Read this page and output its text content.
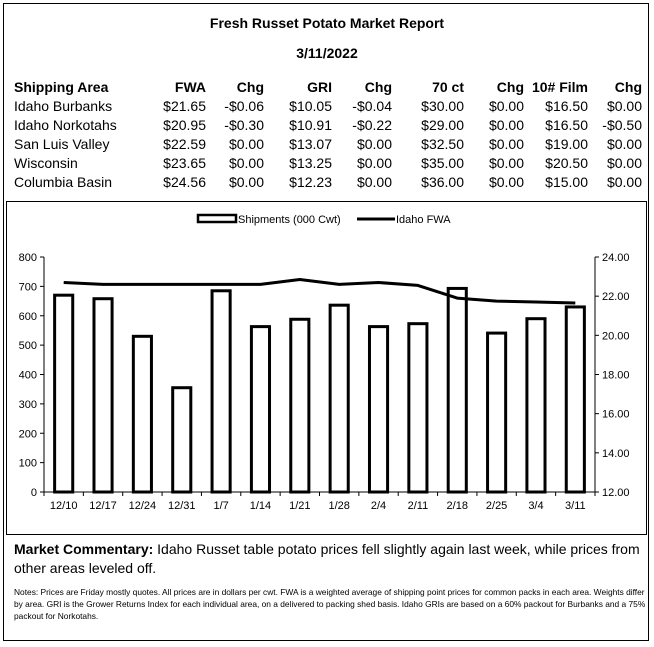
Fresh Russet Potato Market Report
3/11/2022
Shipping Area	FWA	Chg	GRI	Chg	70 ct	Chg	10# Film	Chg
Idaho Burbanks	$21.65	-$0.06	$10.05	-$0.04	$30.00	$0.00	$16.50	$0.00
Idaho Norkotahs	$20.95	-$0.30	$10.91	-$0.22	$29.00	$0.00	$16.50	-$0.50
San Luis Valley	$22.59	$0.00	$13.07	$0.00	$32.50	$0.00	$19.00	$0.00
Wisconsin	$23.65	$0.00	$13.25	$0.00	$35.00	$0.00	$20.50	$0.00
Columbia Basin	$24.56	$0.00	$12.23	$0.00	$36.00	$0.00	$15.00	$0.00
Shipments (000 Cwt)	Idaho FWA
0
100
200
300
400
500
600
700
800
12.00
14.00
16.00
18.00
20.00
22.00
24.00
12/10 12/17 12/24 12/31 1/7 1/14 1/21 1/28 2/4 2/11 2/18 2/25 3/4 3/11
Market Commentary: Idaho Russet table potato prices fell slightly again last week, while prices from other areas leveled off.
Notes: Prices are Friday mostly quotes. All prices are in dollars per cwt. FWA is a weighted average of shipping point prices for common packs in each area. Weights differ by area. GRI is the Grower Returns Index for each individual area, on a delivered to packing shed basis. Idaho GRIs are based on a 60% packout for Burbanks and a 75% packout for Norkotahs.
